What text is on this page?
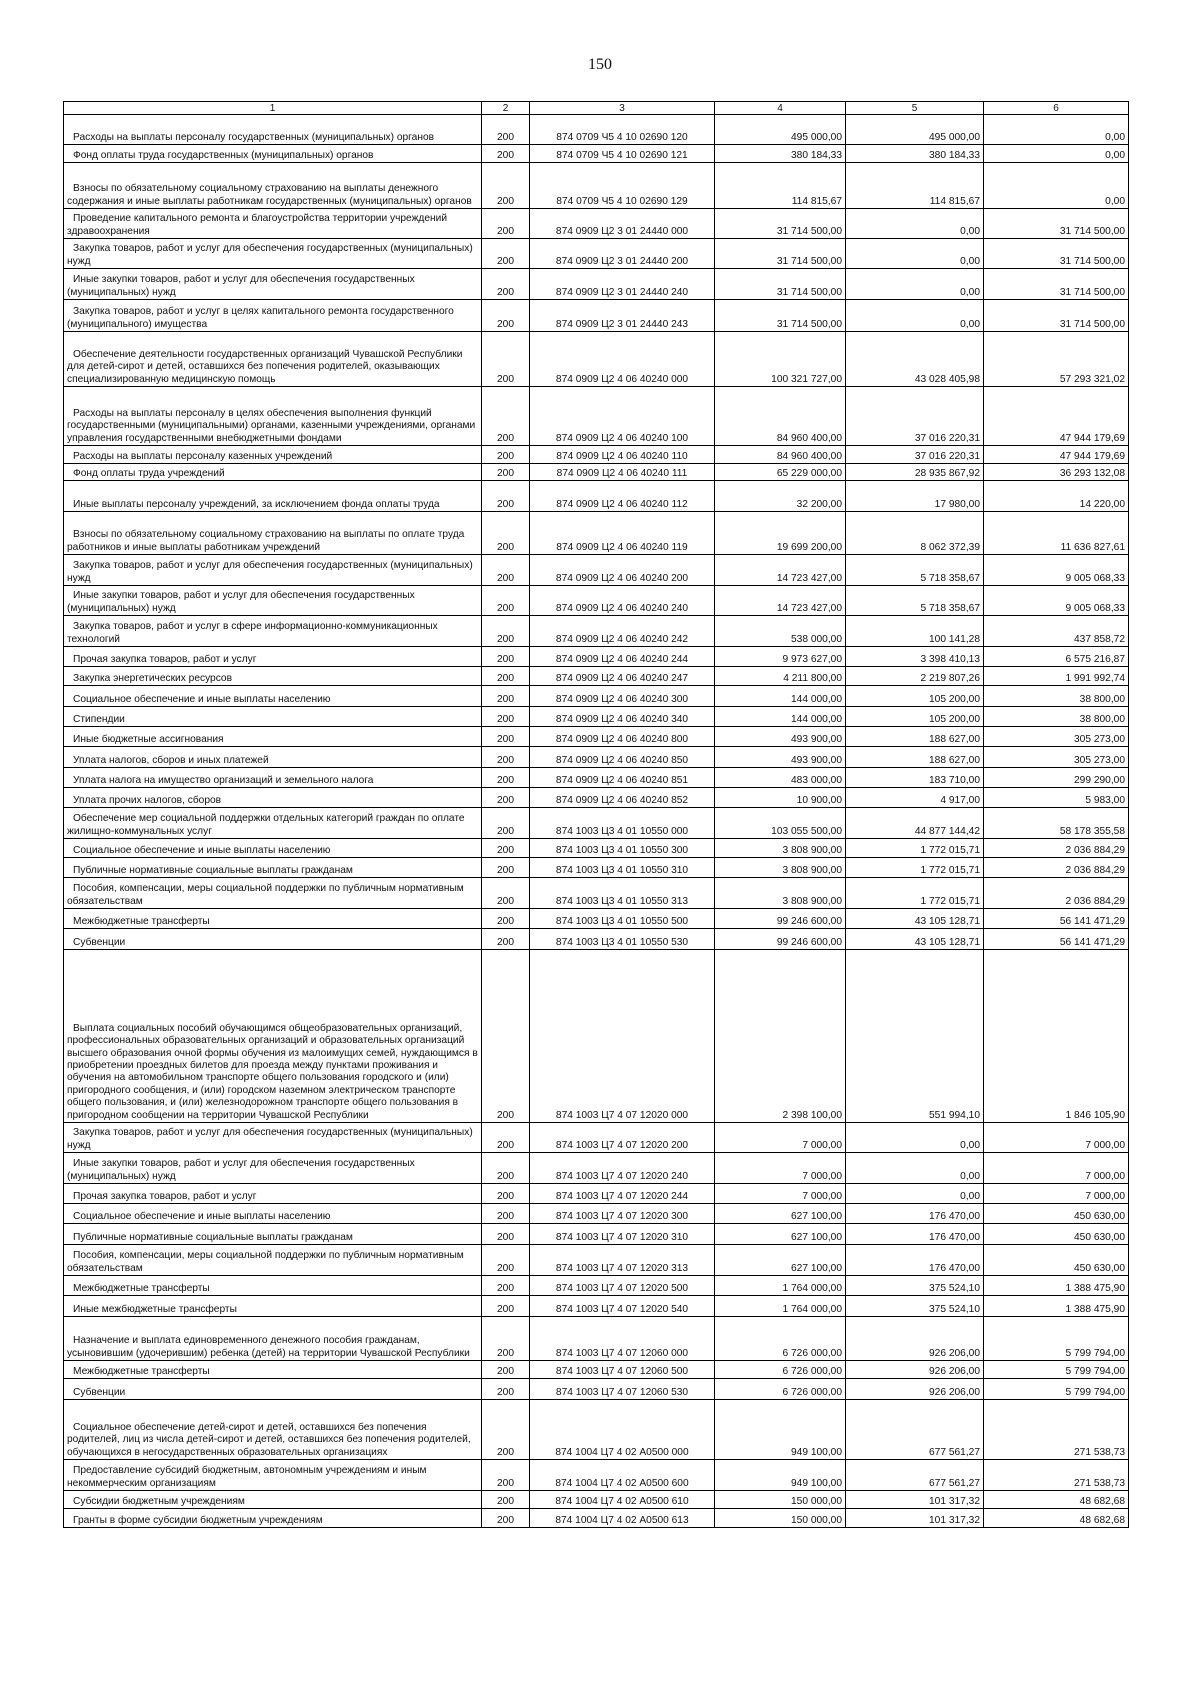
150
1	2	3	4	5	6

Расходы на выплаты персоналу государственных (муниципальных) органов	200	874 0709 Ч5 4 10 02690 120	495 000,00	495 000,00	0,00

Фонд оплаты труда государственных (муниципальных) органов	200	874 0709 Ч5 4 10 02690 121	380 184,33	380 184,33	0,00

Взносы по обязательному социальному страхованию на выплаты денежного содержания и иные выплаты работникам государственных (муниципальных) органов	200	874 0709 Ч5 4 10 02690 129	114 815,67	114 815,67	0,00

Проведение капитального ремонта и благоустройства территории учреждений здравоохранения	200	874 0909 Ц2 3 01 24440 000	31 714 500,00	0,00	31 714 500,00

Закупка товаров, работ и услуг для обеспечения государственных (муниципальных) нужд	200	874 0909 Ц2 3 01 24440 200	31 714 500,00	0,00	31 714 500,00

Иные закупки товаров, работ и услуг для обеспечения государственных (муниципальных) нужд	200	874 0909 Ц2 3 01 24440 240	31 714 500,00	0,00	31 714 500,00

Закупка товаров, работ и услуг в целях капитального ремонта государственного (муниципального) имущества	200	874 0909 Ц2 3 01 24440 243	31 714 500,00	0,00	31 714 500,00

Обеспечение деятельности государственных организаций Чувашской Республики для детей-сирот и детей, оставшихся без попечения родителей, оказывающих специализированную медицинскую помощь	200	874 0909 Ц2 4 06 40240 000	100 321 727,00	43 028 405,98	57 293 321,02

Расходы на выплаты персоналу в целях обеспечения выполнения функций государственными (муниципальными) органами, казенными учреждениями, органами управления государственными внебюджетными фондами	200	874 0909 Ц2 4 06 40240 100	84 960 400,00	37 016 220,31	47 944 179,69

Расходы на выплаты персоналу казенных учреждений	200	874 0909 Ц2 4 06 40240 110	84 960 400,00	37 016 220,31	47 944 179,69

Фонд оплаты труда учреждений	200	874 0909 Ц2 4 06 40240 111	65 229 000,00	28 935 867,92	36 293 132,08

Иные выплаты персоналу учреждений, за исключением фонда оплаты труда	200	874 0909 Ц2 4 06 40240 112	32 200,00	17 980,00	14 220,00

Взносы по обязательному социальному страхованию на выплаты по оплате труда работников и иные выплаты работникам учреждений	200	874 0909 Ц2 4 06 40240 119	19 699 200,00	8 062 372,39	11 636 827,61

Закупка товаров, работ и услуг для обеспечения государственных (муниципальных) нужд	200	874 0909 Ц2 4 06 40240 200	14 723 427,00	5 718 358,67	9 005 068,33

Иные закупки товаров, работ и услуг для обеспечения государственных (муниципальных) нужд	200	874 0909 Ц2 4 06 40240 240	14 723 427,00	5 718 358,67	9 005 068,33

Закупка товаров, работ и услуг в сфере информационно-коммуникационных технологий	200	874 0909 Ц2 4 06 40240 242	538 000,00	100 141,28	437 858,72

Прочая закупка товаров, работ и услуг	200	874 0909 Ц2 4 06 40240 244	9 973 627,00	3 398 410,13	6 575 216,87

Закупка энергетических ресурсов	200	874 0909 Ц2 4 06 40240 247	4 211 800,00	2 219 807,26	1 991 992,74

Социальное обеспечение и иные выплаты населению	200	874 0909 Ц2 4 06 40240 300	144 000,00	105 200,00	38 800,00

Стипендии	200	874 0909 Ц2 4 06 40240 340	144 000,00	105 200,00	38 800,00

Иные бюджетные ассигнования	200	874 0909 Ц2 4 06 40240 800	493 900,00	188 627,00	305 273,00

Уплата налогов, сборов и иных платежей	200	874 0909 Ц2 4 06 40240 850	493 900,00	188 627,00	305 273,00

Уплата налога на имущество организаций и земельного налога	200	874 0909 Ц2 4 06 40240 851	483 000,00	183 710,00	299 290,00

Уплата прочих налогов, сборов	200	874 0909 Ц2 4 06 40240 852	10 900,00	4 917,00	5 983,00

Обеспечение мер социальной поддержки отдельных категорий граждан по оплате жилищно-коммунальных услуг	200	874 1003 Ц3 4 01 10550 000	103 055 500,00	44 877 144,42	58 178 355,58

Социальное обеспечение и иные выплаты населению	200	874 1003 Ц3 4 01 10550 300	3 808 900,00	1 772 015,71	2 036 884,29

Публичные нормативные социальные выплаты гражданам	200	874 1003 Ц3 4 01 10550 310	3 808 900,00	1 772 015,71	2 036 884,29

Пособия, компенсации, меры социальной поддержки по публичным нормативным обязательствам	200	874 1003 Ц3 4 01 10550 313	3 808 900,00	1 772 015,71	2 036 884,29

Межбюджетные трансферты	200	874 1003 Ц3 4 01 10550 500	99 246 600,00	43 105 128,71	56 141 471,29

Субвенции	200	874 1003 Ц3 4 01 10550 530	99 246 600,00	43 105 128,71	56 141 471,29

Выплата социальных пособий обучающимся общеобразовательных организаций, профессиональных образовательных организаций и образовательных организаций высшего образования очной формы обучения из малоимущих семей, нуждающимся в приобретении проездных билетов для проезда между пунктами проживания и обучения на автомобильном транспорте общего пользования городского и (или) пригородного сообщения, и (или) городском наземном электрическом транспорте общего пользования, и (или) железнодорожном транспорте общего пользования в пригородном сообщении на территории Чувашской Республики	200	874 1003 Ц7 4 07 12020 000	2 398 100,00	551 994,10	1 846 105,90

Закупка товаров, работ и услуг для обеспечения государственных (муниципальных) нужд	200	874 1003 Ц7 4 07 12020 200	7 000,00	0,00	7 000,00

Иные закупки товаров, работ и услуг для обеспечения государственных (муниципальных) нужд	200	874 1003 Ц7 4 07 12020 240	7 000,00	0,00	7 000,00

Прочая закупка товаров, работ и услуг	200	874 1003 Ц7 4 07 12020 244	7 000,00	0,00	7 000,00

Социальное обеспечение и иные выплаты населению	200	874 1003 Ц7 4 07 12020 300	627 100,00	176 470,00	450 630,00

Публичные нормативные социальные выплаты гражданам	200	874 1003 Ц7 4 07 12020 310	627 100,00	176 470,00	450 630,00

Пособия, компенсации, меры социальной поддержки по публичным нормативным обязательствам	200	874 1003 Ц7 4 07 12020 313	627 100,00	176 470,00	450 630,00

Межбюджетные трансферты	200	874 1003 Ц7 4 07 12020 500	1 764 000,00	375 524,10	1 388 475,90

Иные межбюджетные трансферты	200	874 1003 Ц7 4 07 12020 540	1 764 000,00	375 524,10	1 388 475,90

Назначение и выплата единовременного денежного пособия гражданам, усыновившим (удочерившим) ребенка (детей) на территории Чувашской Республики	200	874 1003 Ц7 4 07 12060 000	6 726 000,00	926 206,00	5 799 794,00

Межбюджетные трансферты	200	874 1003 Ц7 4 07 12060 500	6 726 000,00	926 206,00	5 799 794,00

Субвенции	200	874 1003 Ц7 4 07 12060 530	6 726 000,00	926 206,00	5 799 794,00

Социальное обеспечение детей-сирот и детей, оставшихся без попечения родителей, лиц из числа детей-сирот и детей, оставшихся без попечения родителей, обучающихся в негосударственных образовательных организациях	200	874 1004 Ц7 4 02 А0500 000	949 100,00	677 561,27	271 538,73

Предоставление субсидий бюджетным, автономным учреждениям и иным некоммерческим организациям	200	874 1004 Ц7 4 02 А0500 600	949 100,00	677 561,27	271 538,73

Субсидии бюджетным учреждениям	200	874 1004 Ц7 4 02 А0500 610	150 000,00	101 317,32	48 682,68

Гранты в форме субсидии бюджетным учреждениям	200	874 1004 Ц7 4 02 А0500 613	150 000,00	101 317,32	48 682,68
